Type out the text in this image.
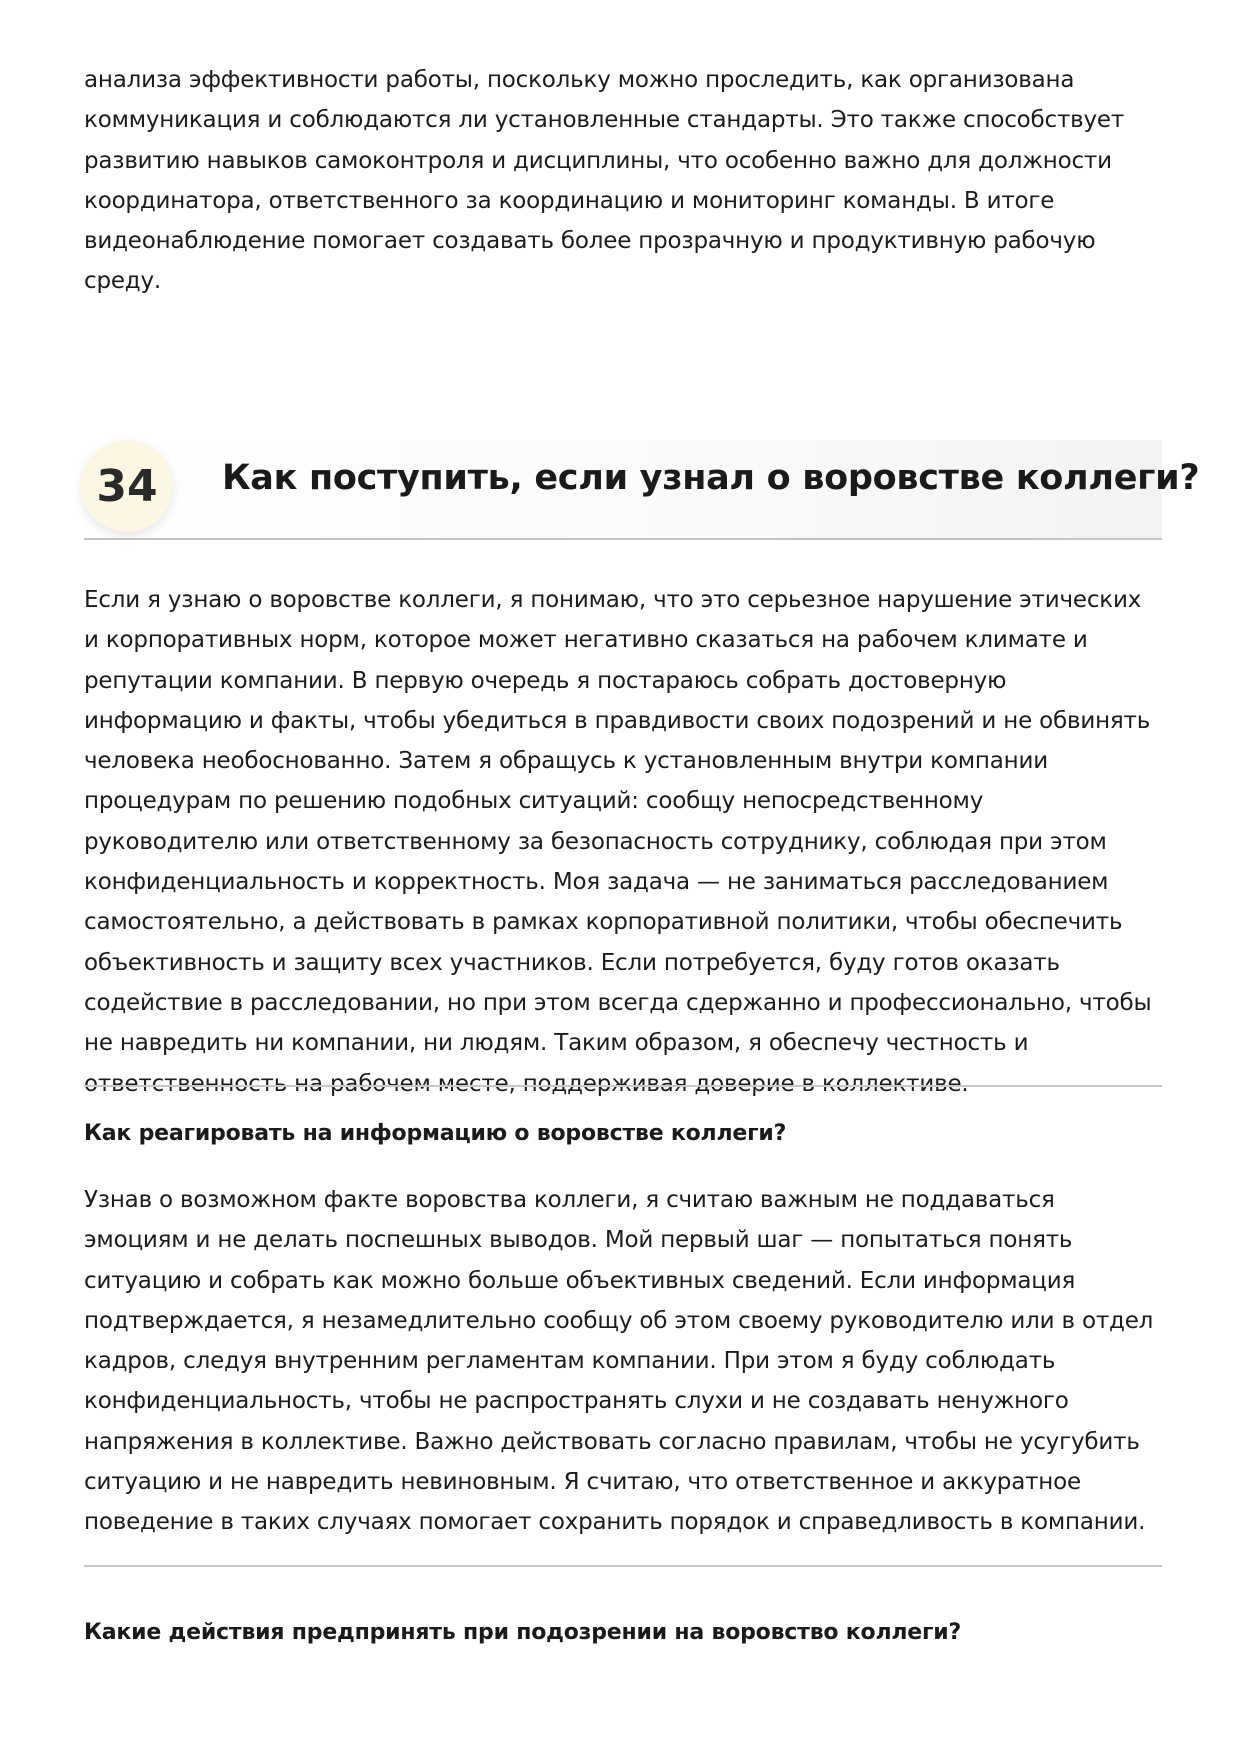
анализа эффективности работы, поскольку можно проследить, как организована коммуникация и соблюдаются ли установленные стандарты. Это также способствует развитию навыков самоконтроля и дисциплины, что особенно важно для должности координатора, ответственного за координацию и мониторинг команды. В итоге видеонаблюдение помогает создавать более прозрачную и продуктивную рабочую среду.

34	Как поступить, если узнал о воровстве коллеги?

Если я узнаю о воровстве коллеги, я понимаю, что это серьезное нарушение этических и корпоративных норм, которое может негативно сказаться на рабочем климате и репутации компании. В первую очередь я постараюсь собрать достоверную информацию и факты, чтобы убедиться в правдивости своих подозрений и не обвинять человека необоснованно. Затем я обращусь к установленным внутри компании процедурам по решению подобных ситуаций: сообщу непосредственному руководителю или ответственному за безопасность сотруднику, соблюдая при этом конфиденциальность и корректность. Моя задача — не заниматься расследованием самостоятельно, а действовать в рамках корпоративной политики, чтобы обеспечить объективность и защиту всех участников. Если потребуется, буду готов оказать содействие в расследовании, но при этом всегда сдержанно и профессионально, чтобы не навредить ни компании, ни людям. Таким образом, я обеспечу честность и ответственность на рабочем месте, поддерживая доверие в коллективе.

Как реагировать на информацию о воровстве коллеги?

Узнав о возможном факте воровства коллеги, я считаю важным не поддаваться эмоциям и не делать поспешных выводов. Мой первый шаг — попытаться понять ситуацию и собрать как можно больше объективных сведений. Если информация подтверждается, я незамедлительно сообщу об этом своему руководителю или в отдел кадров, следуя внутренним регламентам компании. При этом я буду соблюдать конфиденциальность, чтобы не распространять слухи и не создавать ненужного напряжения в коллективе. Важно действовать согласно правилам, чтобы не усугубить ситуацию и не навредить невиновным. Я считаю, что ответственное и аккуратное поведение в таких случаях помогает сохранить порядок и справедливость в компании.

Какие действия предпринять при подозрении на воровство коллеги?
